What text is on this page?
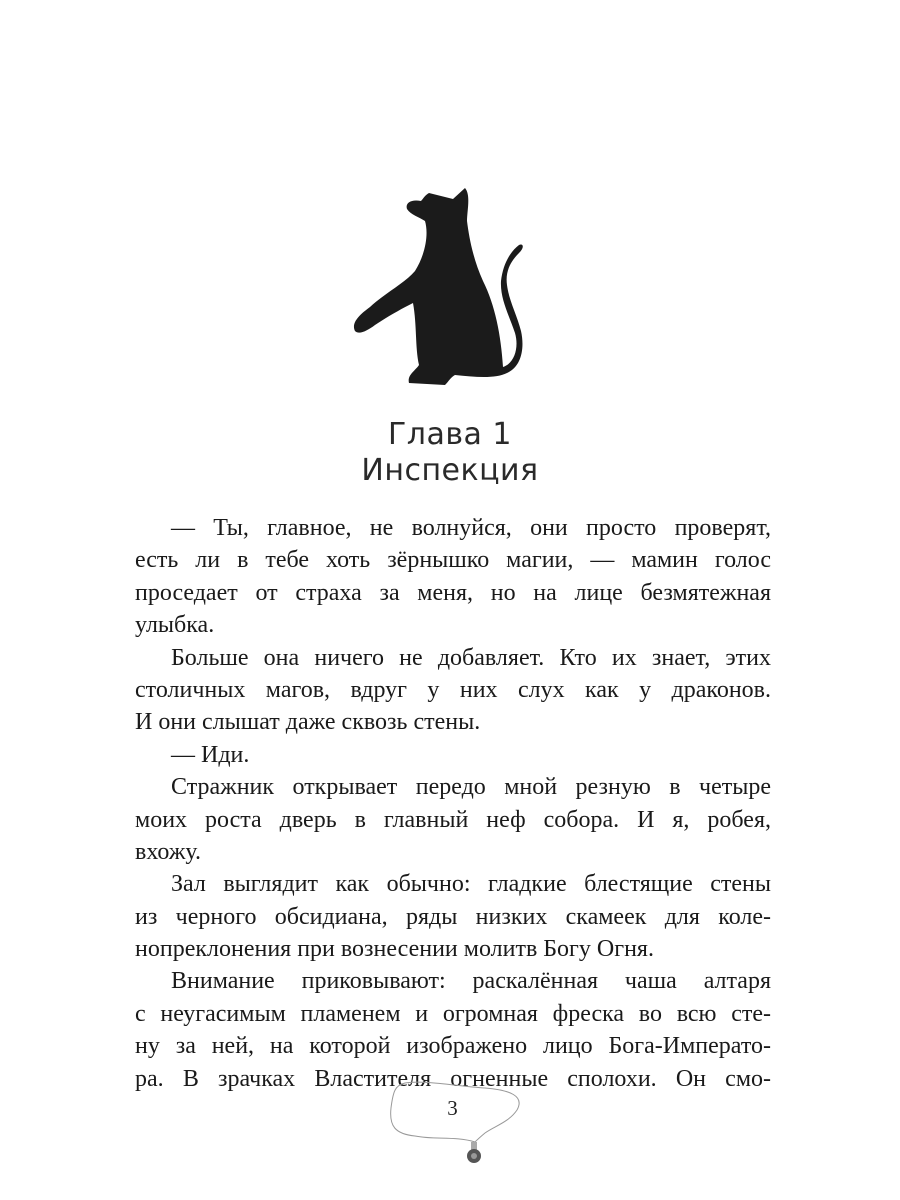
Глава 1
Инспекция
— Ты, главное, не волнуйся, они просто проверят,
есть ли в тебе хоть зёрнышко магии, — мамин голос
проседает от страха за меня, но на лице безмятежная
улыбка.
Больше она ничего не добавляет. Кто их знает, этих
столичных магов, вдруг у них слух как у драконов.
И они слышат даже сквозь стены.
— Иди.
Стражник открывает передо мной резную в четыре
моих роста дверь в главный неф собора. И я, робея,
вхожу.
Зал выглядит как обычно: гладкие блестящие стены
из черного обсидиана, ряды низких скамеек для коле-
нопреклонения при вознесении молитв Богу Огня.
Внимание приковывают: раскалённая чаша алтаря
с неугасимым пламенем и огромная фреска во всю сте-
ну за ней, на которой изображено лицо Бога-Императо-
ра. В зрачках Властителя огненные сполохи. Он смо-
3
